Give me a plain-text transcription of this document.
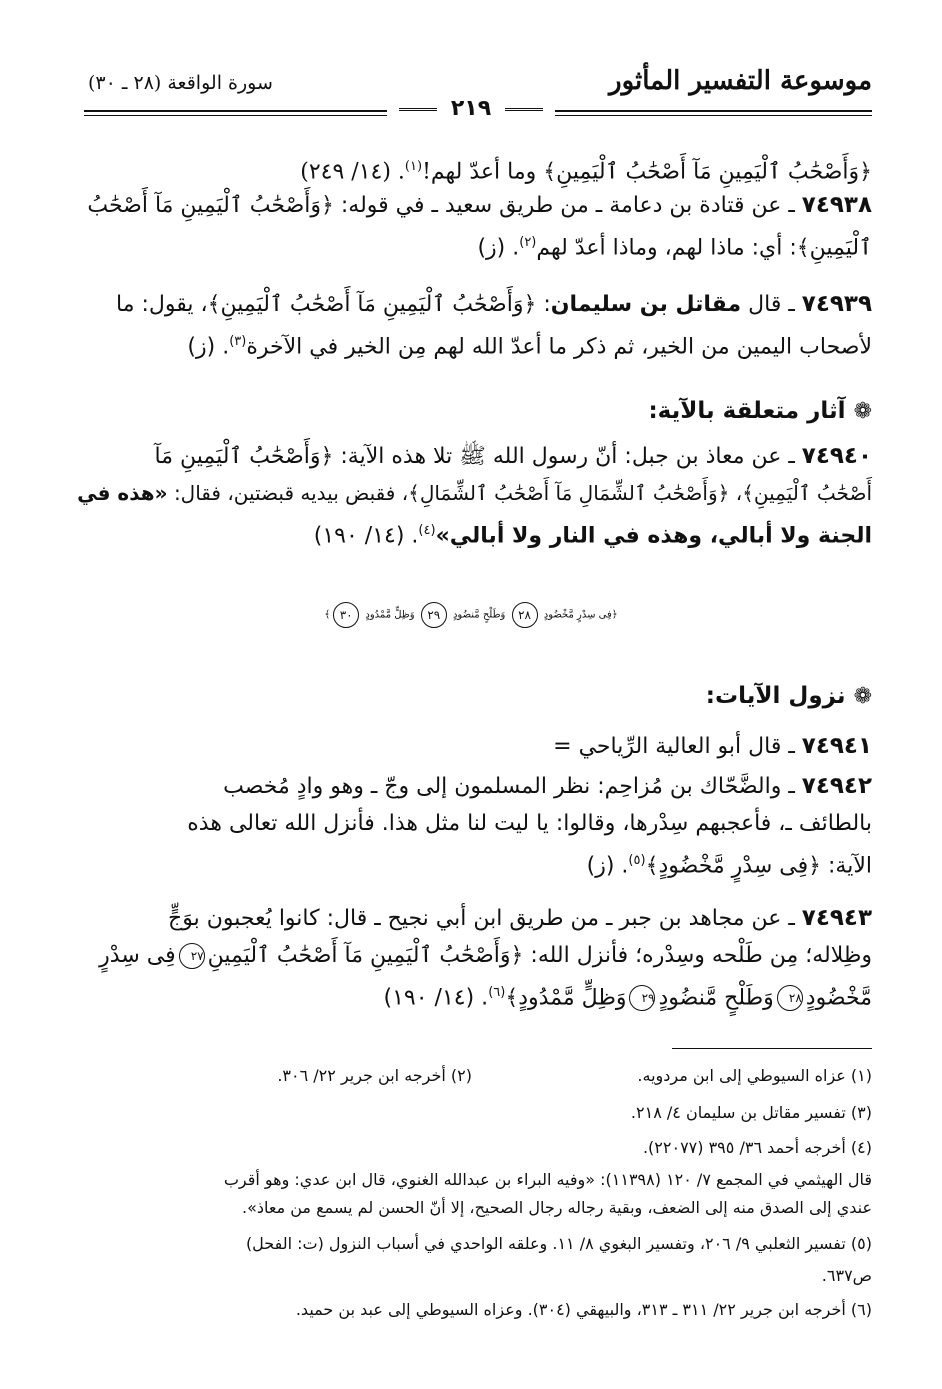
موسوعة التفسير المأثور
سورة الواقعة (٢٨ ـ ٣٠)
٢١٩
﴿وَأَصْحَٰبُ ٱلْيَمِينِ مَآ أَصْحَٰبُ ٱلْيَمِينِ﴾ وما أعدّ لهم!$^{(١)}$. (١٤/ ٢٤٩)
٧٤٩٣٨ ـ عن قتادة بن دعامة ـ من طريق سعيد ـ في قوله: ﴿وَأَصْحَٰبُ ٱلْيَمِينِ مَآ أَصْحَٰبُ
ٱلْيَمِينِ﴾: أي: ماذا لهم، وماذا أعدّ لهم$^{(٢)}$. (ز)
٧٤٩٣٩ ـ قال مقاتل بن سليمان: ﴿وَأَصْحَٰبُ ٱلْيَمِينِ مَآ أَصْحَٰبُ ٱلْيَمِينِ﴾، يقول: ما
لأصحاب اليمين من الخير، ثم ذكر ما أعدّ الله لهم مِن الخير في الآخرة$^{(٣)}$. (ز)
❁آثار متعلقة بالآية:
٧٤٩٤٠ ـ عن معاذ بن جبل: أنّ رسول الله ﷺ تلا هذه الآية: ﴿وَأَصْحَٰبُ ٱلْيَمِينِ مَآ
أَصْحَٰبُ ٱلْيَمِينِ﴾، ﴿وَأَصْحَٰبُ ٱلشِّمَالِ مَآ أَصْحَٰبُ ٱلشِّمَالِ﴾، فقبض بيديه قبضتين، فقال: «هذه في
الجنة ولا أبالي، وهذه في النار ولا أبالي»$^{(٤)}$. (١٤/ ١٩٠)
﴿فِى سِدْرٍ مَّخْضُودٍ ٢٨ وَطَلْحٍ مَّنضُودٍ ٢٩ وَظِلٍّ مَّمْدُودٍ ٣٠﴾
❁نزول الآيات:
٧٤٩٤١ ـ قال أبو العالية الرِّياحي =
٧٤٩٤٢ ـ والضَّحّاك بن مُزاحِم: نظر المسلمون إلى وجّ ـ وهو وادٍ مُخصب
بالطائف ـ، فأعجبهم سِدْرها، وقالوا: يا ليت لنا مثل هذا. فأنزل الله تعالى هذه
الآية: ﴿فِى سِدْرٍ مَّخْضُودٍ﴾$^{(٥)}$. (ز)
٧٤٩٤٣ ـ عن مجاهد بن جبر ـ من طريق ابن أبي نجيح ـ قال: كانوا يُعجبون بوَجٍّ
وظِلاله؛ مِن طَلْحه وسِدْره؛ فأنزل الله: ﴿وَأَصْحَٰبُ ٱلْيَمِينِ مَآ أَصْحَٰبُ ٱلْيَمِينِ٢٧فِى سِدْرٍ
مَّخْضُودٍ٢٨وَطَلْحٍ مَّنضُودٍ٢٩وَظِلٍّ مَّمْدُودٍ﴾$^{(٦)}$. (١٤/ ١٩٠)
(١) عزاه السيوطي إلى ابن مردويه.
(٢) أخرجه ابن جرير ٢٢/ ٣٠٦.
(٣) تفسير مقاتل بن سليمان ٤/ ٢١٨.
(٤) أخرجه أحمد ٣٦/ ٣٩٥ (٢٢٠٧٧).
قال الهيثمي في المجمع ٧/ ١٢٠ (١١٣٩٨): «وفيه البراء بن عبدالله الغنوي، قال ابن عدي: وهو أقرب
عندي إلى الصدق منه إلى الضعف، وبقية رجاله رجال الصحيح، إلا أنّ الحسن لم يسمع من معاذ».
(٥) تفسير الثعلبي ٩/ ٢٠٦، وتفسير البغوي ٨/ ١١. وعلقه الواحدي في أسباب النزول (ت: الفحل)
ص٦٣٧.
(٦) أخرجه ابن جرير ٢٢/ ٣١١ ـ ٣١٣، والبيهقي (٣٠٤). وعزاه السيوطي إلى عبد بن حميد.
